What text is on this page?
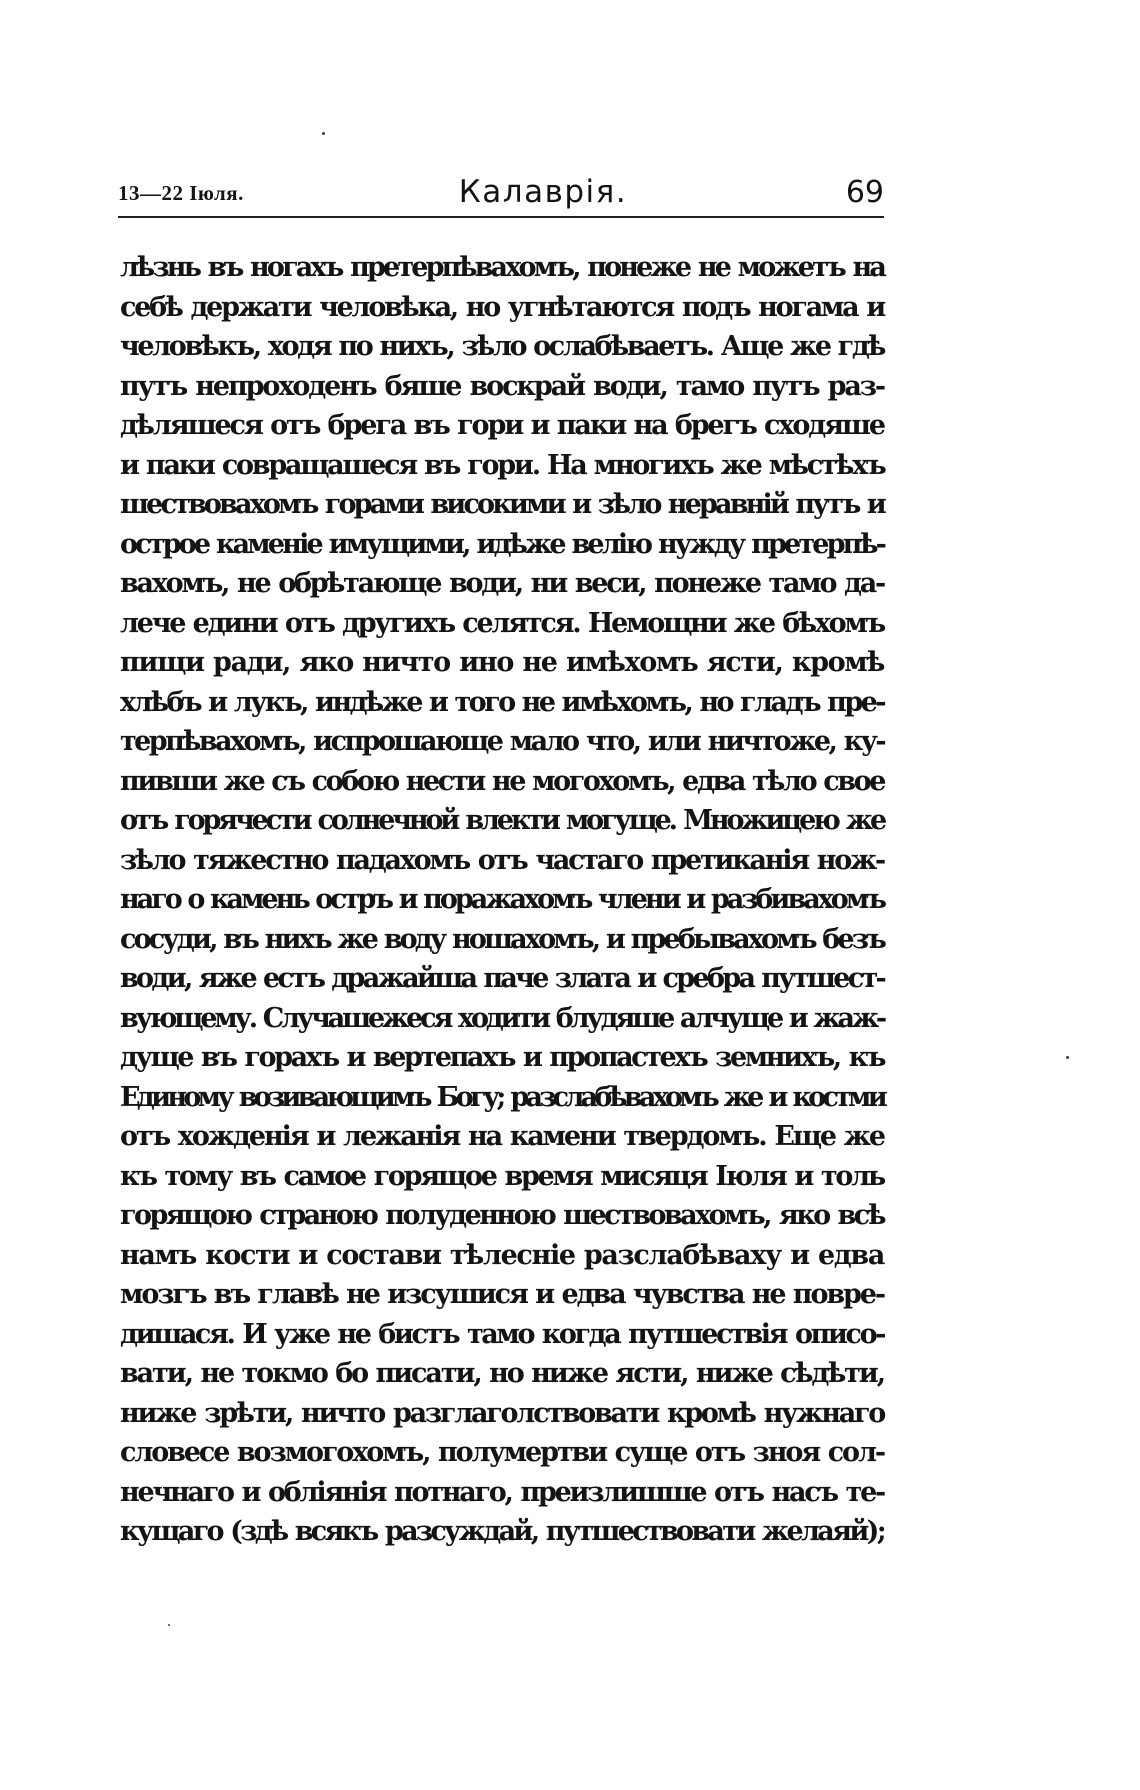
13—22 Іюля.	Калаврія.	69
лѣзнь въ ногахъ претерпѣвахомъ, понеже не можетъ на
себѣ держати человѣка, но угнѣтаются подъ ногама и
человѣкъ, ходя по нихъ, зѣло ослабѣваетъ. Аще же гдѣ
путъ непроходенъ бяше воскрай води, тамо путъ раз-
дѣляшеся отъ брега въ гори и паки на брегъ сходяше
и паки совращашеся въ гори. На многихъ же мѣстѣхъ
шествовахомъ горами високими и зѣло неравній путъ и
острое каменіе имущими, идѣже велію нужду претерпѣ-
вахомъ, не обрѣтающе води, ни веси, понеже тамо да-
лече едини отъ другихъ селятся. Немощни же бѣхомъ
пищи ради, яко ничто ино не имѣхомъ ясти, кромѣ
хлѣбъ и лукъ, индѣже и того не имѣхомъ, но гладъ пре-
терпѣвахомъ, испрошающе мало что, или ничтоже, ку-
пивши же съ собою нести не могохомъ, едва тѣло свое
отъ горячести солнечной влекти могуще. Множицею же
зѣло тяжестно падахомъ отъ частаго претиканія нож-
наго о камень остръ и поражахомъ члени и разбивахомъ
сосуди, въ нихъ же воду ношахомъ, и пребывахомъ безъ
води, яже естъ дражайша паче злата и сребра путшест-
вующему. Случашежеся ходити блудяше алчуще и жаж-
дуще въ горахъ и вертепахъ и пропастехъ земнихъ, къ
Единому возивающимъ Богу; разслабѣвахомъ же и костми
отъ хожденія и лежанія на камени твердомъ. Еще же
къ тому въ самое горящое время мисяця Іюля и толь
горящою страною полуденною шествовахомъ, яко всѣ
намъ кости и состави тѣлесніе разслабѣваху и едва
мозгъ въ главѣ не изсушися и едва чувства не повре-
дишася. И уже не бистъ тамо когда путшествія описо-
вати, не токмо бо писати, но ниже ясти, ниже сѣдѣти,
ниже зрѣти, ничто разглаголствовати кромѣ нужнаго
словесе возмогохомъ, полумертви суще отъ зноя сол-
нечнаго и обліянія потнаго, преизлишше отъ насъ те-
кущаго (здѣ всякъ разсуждай, путшествовати желаяй);
